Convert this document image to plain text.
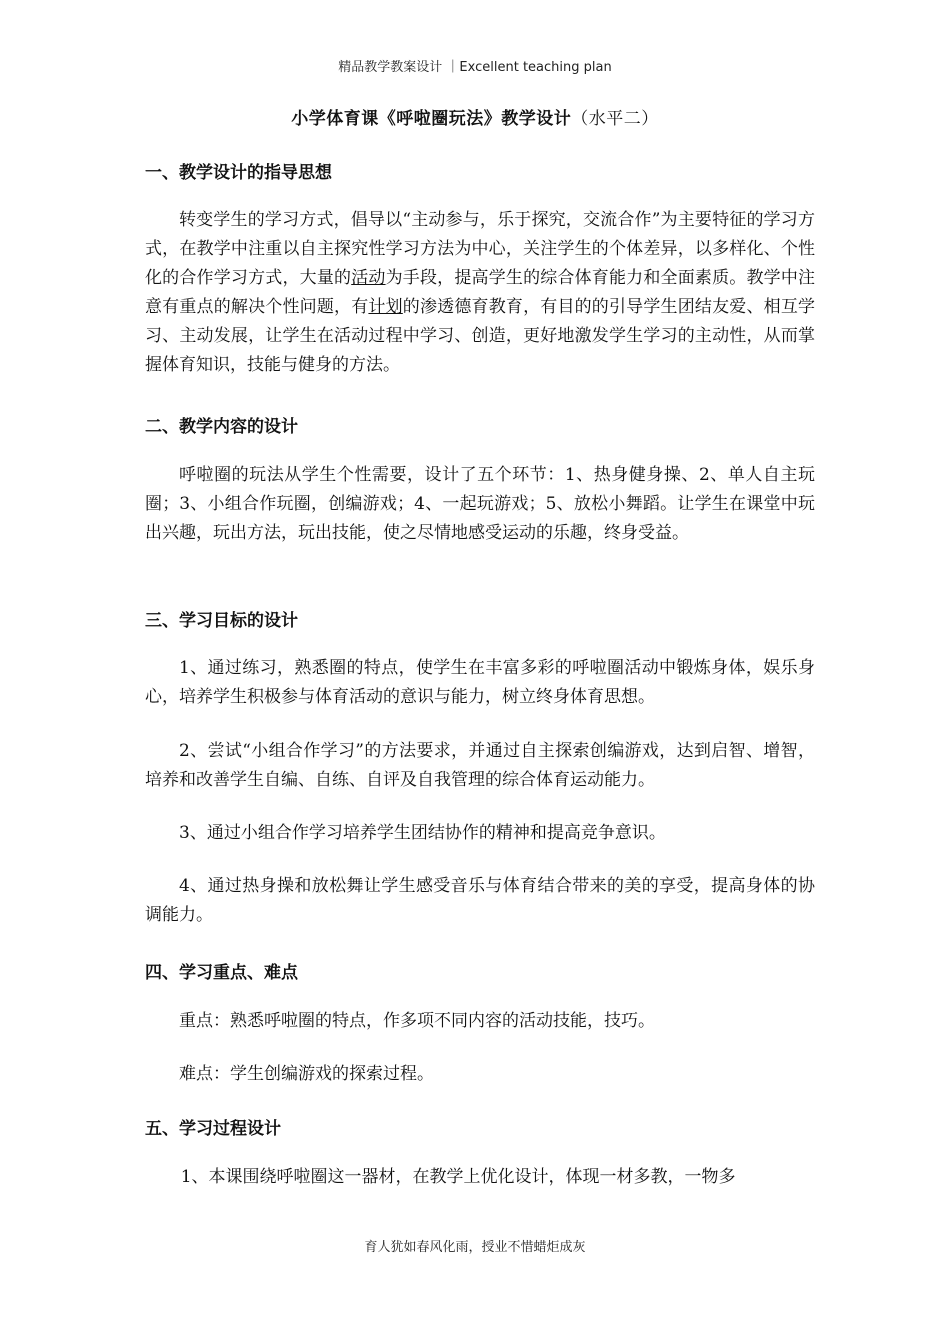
精品教学教案设计 ｜Excellent teaching plan
小学体育课《呼啦圈玩法》教学设计（水平二）
一、教学设计的指导思想

转变学生的学习方式，倡导以“主动参与，乐于探究，交流合作”为主要特征的学习方式，在教学中注重以自主探究性学习方法为中心，关注学生的个体差异，以多样化、个性化的合作学习方式，大量的活动为手段，提高学生的综合体育能力和全面素质。教学中注意有重点的解决个性问题，有计划的渗透德育教育，有目的的引导学生团结友爱、相互学习、主动发展，让学生在活动过程中学习、创造，更好地激发学生学习的主动性，从而掌握体育知识，技能与健身的方法。

二、教学内容的设计

呼啦圈的玩法从学生个性需要，设计了五个环节：1、热身健身操、2、单人自主玩圈；3、小组合作玩圈，创编游戏；4、一起玩游戏；5、放松小舞蹈。让学生在课堂中玩出兴趣，玩出方法，玩出技能，使之尽情地感受运动的乐趣，终身受益。

三、学习目标的设计

1、通过练习，熟悉圈的特点，使学生在丰富多彩的呼啦圈活动中锻炼身体，娱乐身心，培养学生积极参与体育活动的意识与能力，树立终身体育思想。

2、尝试“小组合作学习”的方法要求，并通过自主探索创编游戏，达到启智、增智，培养和改善学生自编、自练、自评及自我管理的综合体育运动能力。

3、通过小组合作学习培养学生团结协作的精神和提高竞争意识。

4、通过热身操和放松舞让学生感受音乐与体育结合带来的美的享受，提高身体的协调能力。

四、学习重点、难点

重点：熟悉呼啦圈的特点，作多项不同内容的活动技能，技巧。

难点：学生创编游戏的探索过程。

五、学习过程设计

1、本课围绕呼啦圈这一器材，在教学上优化设计，体现一材多教，一物多

育人犹如春风化雨，授业不惜蜡炬成灰
